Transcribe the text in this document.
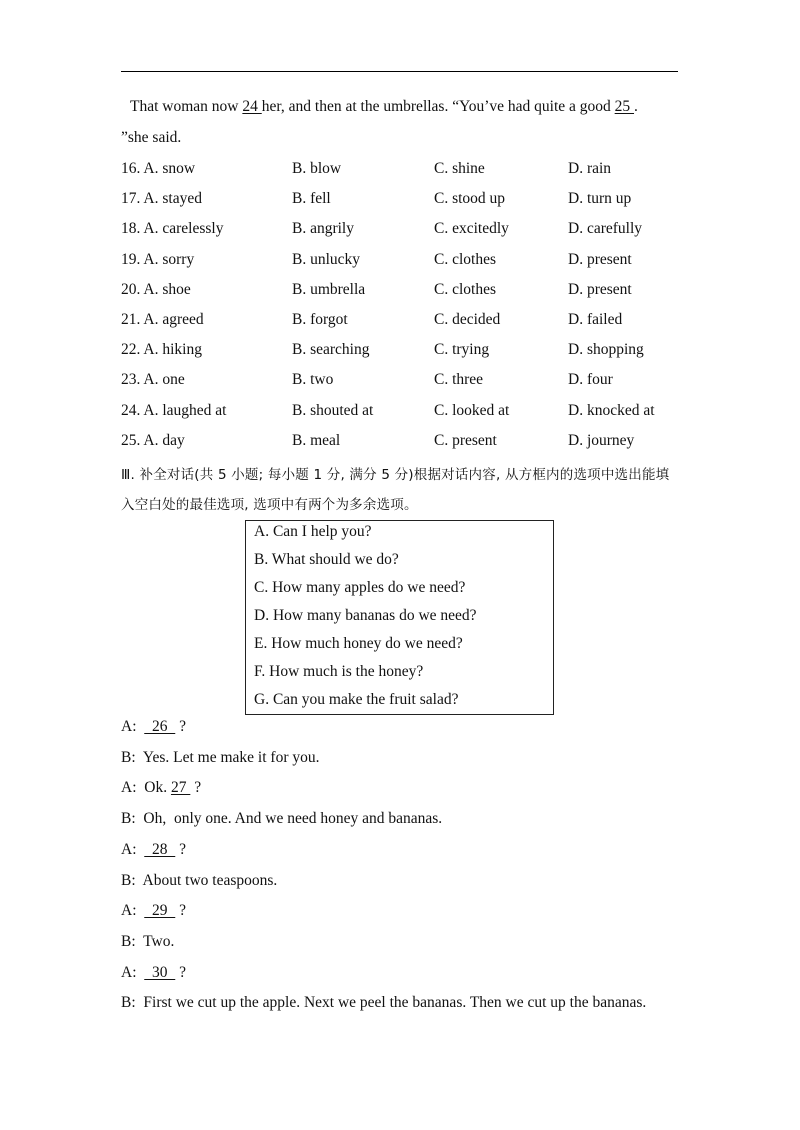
That woman now 24 her, and then at the umbrellas. “You’ve had quite a good 25 .
”she said.
16. A. snow	B. blow	C. shine	D. rain
17. A. stayed	B. fell	C. stood up	D. turn up
18. A. carelessly	B. angrily	C. excitedly	D. carefully
19. A. sorry	B. unlucky	C. clothes	D. present
20. A. shoe	B. umbrella	C. clothes	D. present
21. A. agreed	B. forgot	C. decided	D. failed
22. A. hiking	B. searching	C. trying	D. shopping
23. A. one	B. two	C. three	D. four
24. A. laughed at	B. shouted at	C. looked at	D. knocked at
25. A. day	B. meal	C. present	D. journey
Ⅲ. 补全对话(共 5 小题; 每小题 1 分, 满分 5 分)根据对话内容, 从方框内的选项中选出能填
入空白处的最佳选项, 选项中有两个为多余选项。
A. Can I help you?
B. What should we do?
C. How many apples do we need?
D. How many bananas do we need?
E. How much honey do we need?
F. How much is the honey?
G. Can you make the fruit salad?
A:    26   ?
B:  Yes. Let me make it for you.
A:  Ok. 27  ?
B:  Oh,  only one. And we need honey and bananas.
A:    28   ?
B:  About two teaspoons.
A:    29   ?
B:  Two.
A:    30   ?
B:  First we cut up the apple. Next we peel the bananas. Then we cut up the bananas.
